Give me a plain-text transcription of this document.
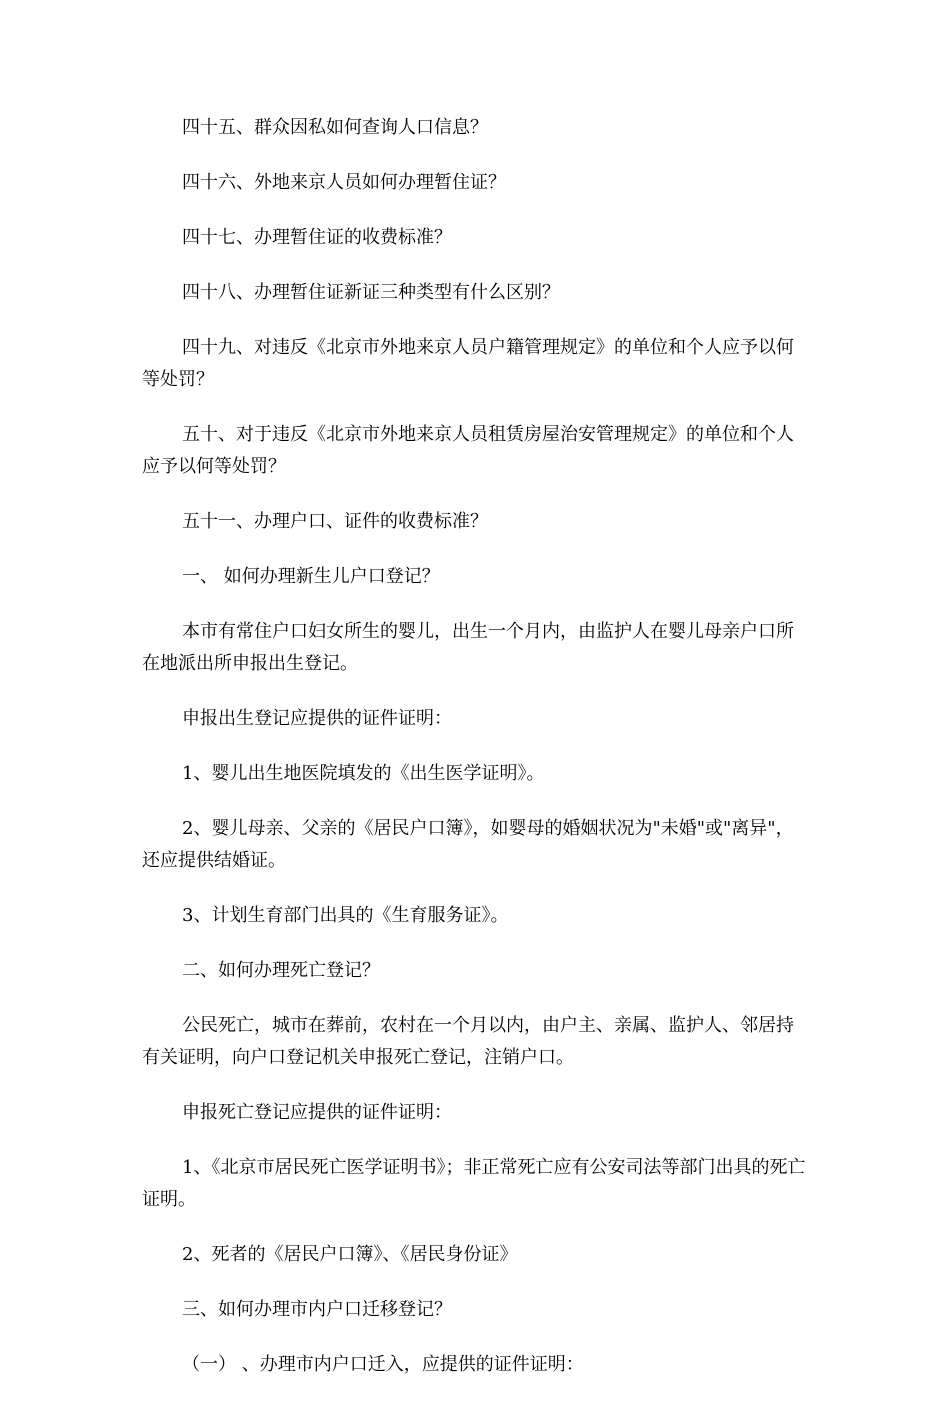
四十五、群众因私如何查询人口信息？

四十六、外地来京人员如何办理暂住证？

四十七、办理暂住证的收费标准？

四十八、办理暂住证新证三种类型有什么区别？

四十九、对违反《北京市外地来京人员户籍管理规定》的单位和个人应予以何等处罚？

五十、对于违反《北京市外地来京人员租赁房屋治安管理规定》的单位和个人应予以何等处罚？

五十一、办理户口、证件的收费标准？

一、 如何办理新生儿户口登记？

本市有常住户口妇女所生的婴儿，出生一个月内，由监护人在婴儿母亲户口所在地派出所申报出生登记。

申报出生登记应提供的证件证明：

1、婴儿出生地医院填发的《出生医学证明》。

2、婴儿母亲、父亲的《居民户口簿》，如婴母的婚姻状况为"未婚"或"离异"，还应提供结婚证。

3、计划生育部门出具的《生育服务证》。

二、如何办理死亡登记？

公民死亡，城市在葬前，农村在一个月以内，由户主、亲属、监护人、邻居持有关证明，向户口登记机关申报死亡登记，注销户口。

申报死亡登记应提供的证件证明：

1、《北京市居民死亡医学证明书》；非正常死亡应有公安司法等部门出具的死亡证明。

2、死者的《居民户口簿》、《居民身份证》

三、如何办理市内户口迁移登记？

（一） 、办理市内户口迁入，应提供的证件证明：
